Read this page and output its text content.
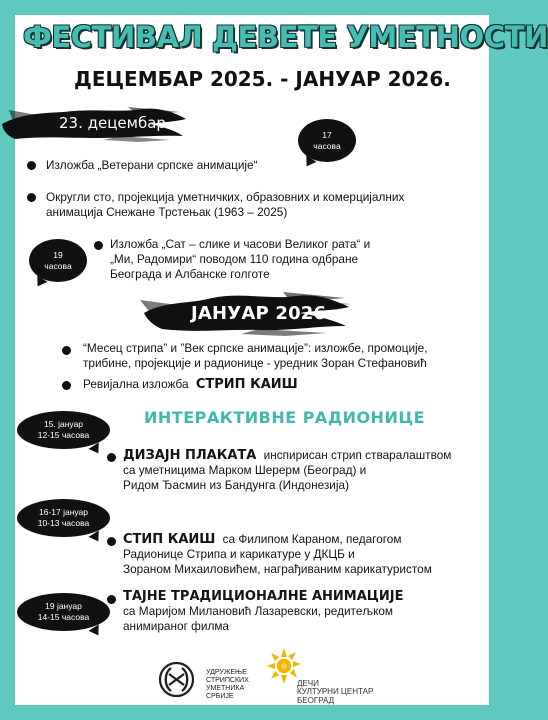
ФЕСТИВАЛ ДЕВЕТЕ УМЕТНОСТИ
ДЕЦЕМБАР 2025. - ЈАНУАР 2026.
23. децембар
17
часова
Изложба „Ветерани српске анимације“
Округли сто, пројекција уметничких, образовних и комерцијалних
анимација Снежане Трстењак (1963 – 2025)
19
часова
Изложба „Сат – слике и часови Великог рата“ и
„Ми, Радомири“ поводом 110 година одбране
Београда и Албанске голготе
ЈАНУАР 2026.
“Месец стрипа” и ”Век српске анимације”: изложбе, промоције,
трибине, пројекције и радионице - уредник Зоран Стефановић
Ревијална изложба СТРИП КАИШ
ИНТЕРАКТИВНЕ РАДИОНИЦЕ
15. јануар
12-15 часова
ДИЗАЈН ПЛАКАТА инспирисан стрип стваралаштвом
са уметницима Марком Шерерм (Београд) и
Ридом Ђасмин из Бандунга (Индонезија)
16-17 јануар
10-13 часова
СТИП КАИШ са Филипом Караном, педагогом
Радионице Стрипа и карикатуре у ДКЦБ и
Зораном Михаиловићем, награђиваним карикатуристом
19 јануар
14-15 часова
ТАЈНЕ ТРАДИЦИОНАЛНЕ АНИМАЦИЈЕ
са Маријом Милановић Лазаревски, редитељком
анимираног филма
УДРУЖЕЊЕ
СТРИПСКИХ
УМЕТНИКА
СРБИЈЕ
ДЕЧИ
КУЛТУРНИ ЦЕНТАР
БЕОГРАД
